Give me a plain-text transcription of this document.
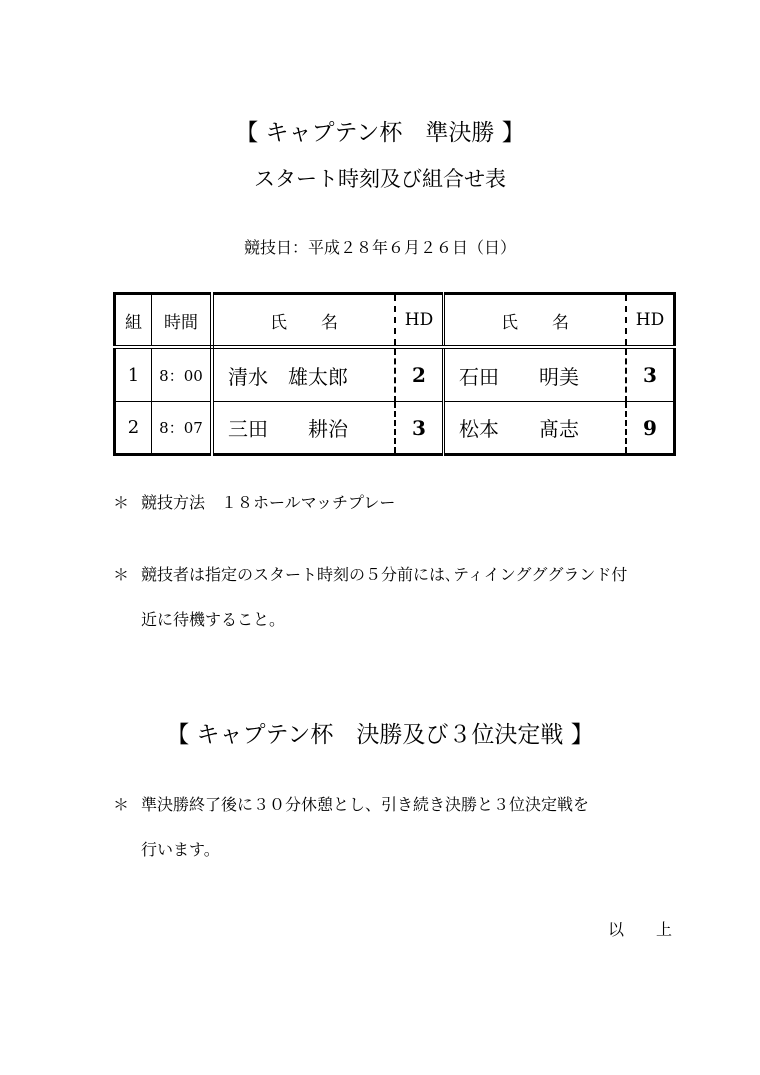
【 キャプテン杯　準決勝 】
スタート時刻及び組合せ表
競技日：平成２８年６月２６日（日）
組	時間	氏　　名	HD	氏　　名	HD
1	8：00	清水　雄太郎	2	石田　　明美	3
2	8：07	三田　　耕治	3	松本　　髙志	9
＊ 競技方法　１８ホールマッチプレー
＊ 競技者は指定のスタート時刻の５分前には､ティイングググランド付
近に待機すること。
【 キャプテン杯　決勝及び３位決定戦 】
＊ 準決勝終了後に３０分休憩とし、引き続き決勝と３位決定戦を
行います。
以　　上
